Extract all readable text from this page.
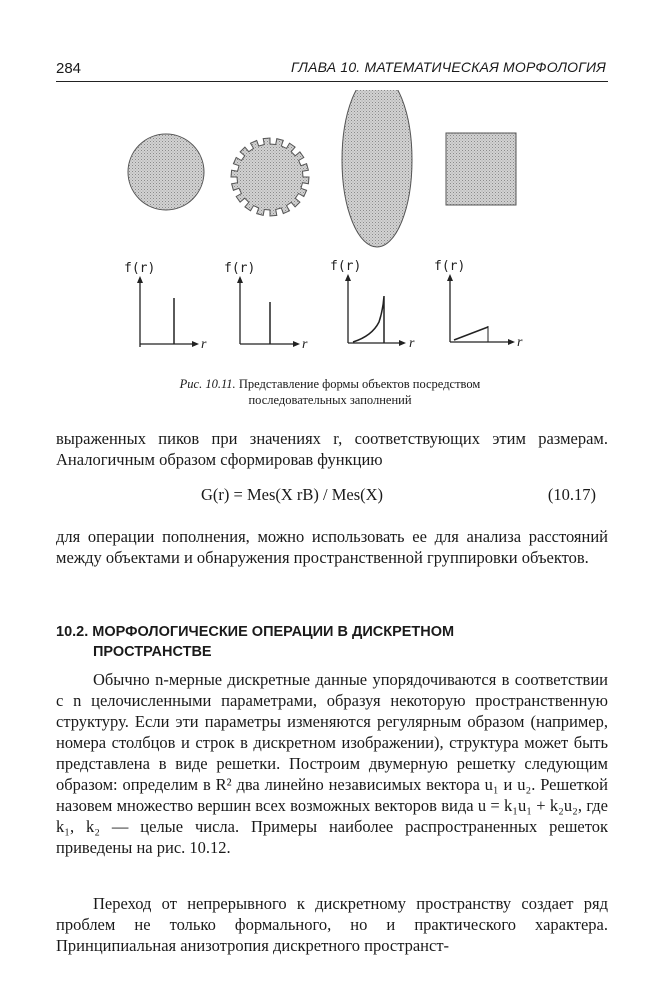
284	ГЛАВА 10. МАТЕМАТИЧЕСКАЯ МОРФОЛОГИЯ
f(r)
r
f(r)
r
f(r)
r
f(r)
r
Рис. 10.11. Представление формы объектов посредством
последовательных заполнений
выраженных пиков при значениях r, соответствующих этим размерам. Аналогичным образом сформировав функцию
G(r) = Mes(X rB) / Mes(X)	(10.17)
для операции пополнения, можно использовать ее для анализа расстояний между объектами и обнаружения пространственной группировки объектов.
10.2. МОРФОЛОГИЧЕСКИЕ ОПЕРАЦИИ В ДИСКРЕТНОМ
ПРОСТРАНСТВЕ
Обычно n-мерные дискретные данные упорядочиваются в соответствии с n целочисленными параметрами, образуя некоторую пространственную структуру. Если эти параметры изменяются регулярным образом (например, номера столбцов и строк в дискретном изображении), структура может быть представлена в виде решетки. Построим двумерную решетку следующим образом: определим в R² два линейно независимых вектора u₁ и u₂. Решеткой назовем множество вершин всех возможных векторов вида u = k₁u₁ + k₂u₂, где k₁, k₂ — целые числа. Примеры наиболее распространенных решеток приведены на рис. 10.12.
Переход от непрерывного к дискретному пространству создает ряд проблем не только формального, но и практического характера. Принципиальная анизотропия дискретного пространст-
